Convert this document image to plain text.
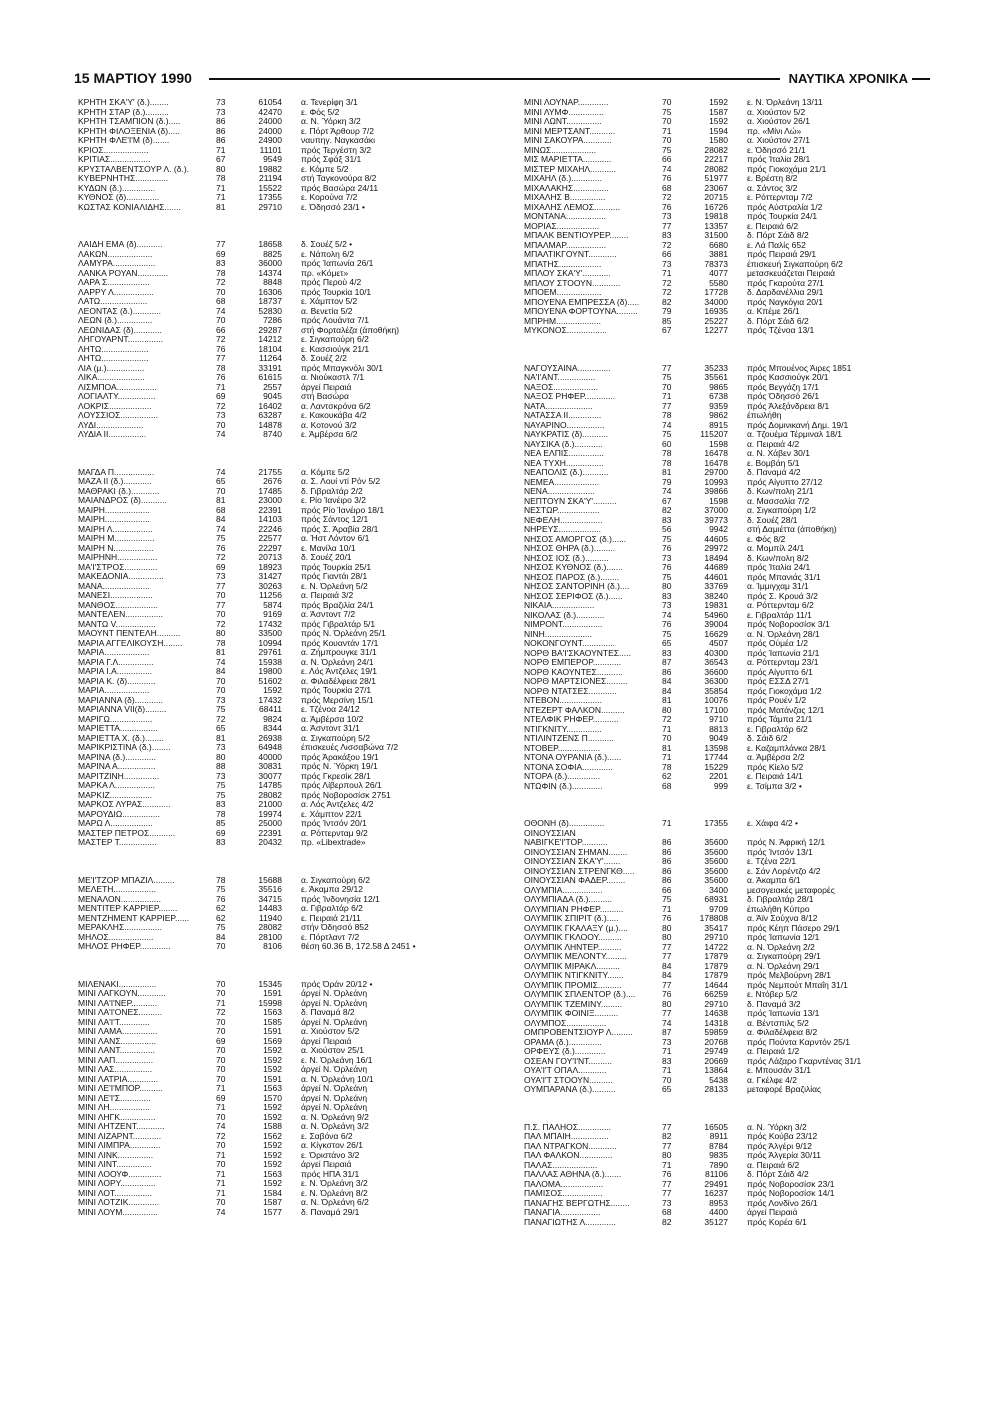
15 ΜΑΡΤΙΟΥ 1990	ΝΑΥΤΙΚΑ ΧΡΟΝΙΚΑ
ΚΡΗΤΗ ΣΚΑ'Υ' (δ.)........	73	61054 α. Τενερίφη 3/1
ΚΡΗΤΗ ΣΤΑΡ (δ.)..........	73	42470 ε. Φός 5/2
ΚΡΗΤΗ ΤΣΑΜΠΙΟΝ (δ.).....	86	24000 α. Ν. Ύόρκη 3/2
ΚΡΗΤΗ ΦΙΛΟΞΕΝΙΑ (δ).....	86	24000 ε. Πόρτ Άρθουρ 7/2
ΚΡΗΤΗ ΦΛΕ'Ι'Μ (δ).......	86	24900 ναυπηγ. Ναγκασάκι
ΚΡΙΟΣ...................	71	11101 πρός Τεργέστη 3/2
ΚΡΙΤΙΑΣ.................	67	9549 πρός Σφάξ 31/1
ΚΡΥΣΤΑΛΒΕΝΤΣΟΥΡ Λ. (δ.).	80	19882 ε. Κόμπε 5/2
ΚΥΒΕΡΝΗΤΗΣ..............	78	21194 στή Ταγκονούρα 8/2
ΚΥΔΩΝ (δ.)..............	71	15522 πρός Βασώρα 24/11
ΚΥΘΝΟΣ (δ)..............	71	17355 ε. Κορούνα 7/2
ΚΩΣΤΑΣ ΚΟΝΙΑΛΙΔΗΣ.......	81	29710 ε. Όδησσό 23/1 •
ΛΑΙΔΗ ΕΜΑ (δ)...........	77	18658 δ. Σουέζ 5/2 •
ΛΑΚΩΝ...................	69	8825 ε. Νάπολη 6/2
ΛΑΜΥΡΑ..................	83	36000 πρός Ίαπωνία 26/1
ΛΑΝΚΑ ΡΟΥΑΝ.............	78	14374 πρ. «Κόμετ»
ΛΑΡΑ Σ..................	72	8848 πρός Περού 4/2
ΛΑΡΡΥ Λ.................	70	16306 πρός Τουρκία 10/1
ΛΑΤΩ....................	68	18737 ε. Χάμπτον 5/2
ΛΕΟΝΤΑΣ (δ.)............	74	52830 α. Βενετία 5/2
ΛΕΩΝ (δ.)...............	70	7286 πρός Λουάντα 7/1
ΛΕΩΝΙΔΑΣ (δ)............	66	29287 στή Φορταλέζα (άποθήκη)
ΛΗΓΟΥΑΡΝΤ...............	72	14212 ε. Σιγκαπούρη 6/2
ΛΗΤΩ....................	76	18104 ε. Κασσιούγκ 21/1
ΛΗΤΩ....................	77	11264 δ. Σουέζ 2/2
ΛΙΑ (μ.)................	78	33191 πρός Μπαγκνόλι 30/1
ΛΙΚΑ....................	76	61615 α. Νιούκαστλ 7/1
ΛΙΣΜΠΟΑ.................	71	2557 άργεί Πειραιά
ΛΟΓΙΑΛΤΥ................	69	9045 στή Βασώρα
ΛΟΚΡΙΣ..................	72	16402 α. Λαντσκρόνα 6/2
ΛΟΥΣΣΙΟΣ................	73	63287 ε. Κακουκάβα 4/2
ΛΥΔΙ....................	70	14878 α. Κοτονού 3/2
ΛΥΔΙΑ ΙΙ................	74	8740 ε. Άμβέρσα 6/2
ΜΑΓΔΑ Π.................	74	21755 α. Κόμπε 5/2
ΜΑΖΑ ΙΙ (δ.)............	65	2676 α. Σ. Λουί ντί Ρόν 5/2
ΜΑΘΡΑΚΙ (δ.)............	70	17485 δ. Γιβραλτάρ 2/2
ΜΑΙΑΝΔΡΟΣ (δ)...........	81	23000 ε. Ρίο Ίανέιρο 3/2
ΜΑΙΡΗ...................	68	22391 πρός Ρίο Ίανέιρο 18/1
ΜΑΙΡΗ...................	84	14103 πρός Σάντος 12/1
ΜΑΙΡΗ Λ.................	74	22246 πρός Σ. Άραβία 28/1
ΜΑΙΡΗ Μ.................	75	22577 α. Ήστ Λόντον 6/1
ΜΑΙΡΗ Ν.................	76	22297 ε. Μανίλα 10/1
ΜΑΙΡΗΝΗ.................	72	20713 δ. Σουέζ 20/1
ΜΑ'Ι'ΣΤΡΟΣ..............	69	18923 πρός Τουρκία 25/1
ΜΑΚΕΔΟΝΙΑ...............	73	31427 πρός Γιαντάι 28/1
ΜΑΝΑ....................	77	30263 ε. Ν. Όρλεάνη 5/2
ΜΑΝΕΣΙ..................	70	11256 α. Πειραιά 3/2
ΜΑΝΘΟΣ..................	77	5874 πρός Βραζιλία 24/1
ΜΑΝΤΕΛΕΝ................	70	9169 α. Άσντοντ 7/2
ΜΑΝΤΩ V.................	72	17432 πρός Γιβραλτάρ 5/1
ΜΑΟΥΝΤ ΠΕΝΤΕΛΗ..........	80	33500 πρός Ν. Όρλεάνη 25/1
ΜΑΡΙΑ ΑΓΓΕΛΙΚΟΥΣΗ........	78	10994 πρός Κουαντάν 17/1
ΜΑΡΙΑ...................	81	29761 α. Ζήμπρουγκε 31/1
ΜΑΡΙΑ Γ.Λ...............	74	15938 α. Ν. Όρλεάνη 24/1
ΜΑΡΙΑ Ι.Α...............	84	19800 ε. Λός Άντζελες 19/1
ΜΑΡΙΑ Κ. (δ)............	70	51602 α. Φιλαδέλφεια 28/1
ΜΑΡΙΑ...................	70	1592 πρός Τουρκία 27/1
ΜΑΡΙΑΝΝΑ (δ)............	73	17432 πρός Μερσίνη 15/1
ΜΑΡΙΑΝΝΑ VII(δ).........	75	68411 ε. Τζένοα 24/12
ΜΑΡΙΓΩ..................	72	9824 α. Άμβέρσα 10/2
ΜΑΡΙΕΤΤΑ................	65	8344 α. Άσντοντ 31/1
ΜΑΡΙΕΤΤΑ Χ. (δ.)........	81	26938 α. Σιγκαπούρη 5/2
ΜΑΡΙΚΡΙΣΤΙΝΑ (δ.)........	73	64948 έπισκευές Λισσαβώνα 7/2
ΜΑΡΙΝΑ (δ.).............	80	40000 πρός Άρακάξου 19/1
ΜΑΡΙΝΑ Α................	88	30831 πρός Ν. Ύόρκη 19/1
ΜΑΡΙΤΖΙΝΗ...............	73	30077 πρός Γκρεσίκ 28/1
ΜΑΡΚΑ Λ.................	75	14785 πρός Λίβερπουλ 26/1
ΜΑΡΚΙΖ..................	75	28082 πρός Νοβοροσίσκ 2751
ΜΑΡΚΟΣ ΛΥΡΑΣ............	83	21000 α. Λός Άντζελες 4/2
ΜΑΡΟΥΔΙΩ................	78	19974 ε. Χάμπτον 22/1
ΜΑΡΩ Λ..................	85	25000 πρός Ίντσόν 20/1
ΜΑΣΤΕΡ ΠΕΤΡΟΣ...........	69	22391 α. Ρόττερνταμ 9/2
ΜΑΣΤΕΡ Τ................	83	20432 πρ. «Libextrade»
ΜΕ'Ι'ΤΖΟΡ ΜΠΑΖΙΛ.........	78	15688 α. Σιγκαπούρη 6/2
ΜΕΛΕΤΗ..................	75	35516 ε. Άκαμπα 29/12
ΜΕΝΑΛΟΝ.................	76	34715 πρός Ίνδονησία 12/1
ΜΕΝΤΙΤΕΡ ΚΑΡΡΙΕΡ........	62	14483 α. Γιβραλτάρ 6/2
ΜΕΝΤΖΗΜΕΝΤ ΚΑΡΡΙΕΡ......	62	11940 ε. Πειραιά 21/11
ΜΕΡΑΚΛΗΣ................	75	28082 στήν Όδησσό 852
ΜΗΛΟΣ...................	84	28100 ε. Πόρτλαντ 7/2
ΜΗΛΟΣ ΡΗΦΕΡ.............	70	8106 θέση 60.36 Β, 172.58 Δ 2451 •
ΜΙΛΕΝΑΚΙ................	70	15345 πρός Όράν 20/12 •
ΜΙΝΙ ΛΑΓΚΟΥΝ............	70	1591 άργεί Ν. Όρλεάνη
ΜΙΝΙ ΛΑ'Ι'ΝΕΡ...........	71	15998 άργεί Ν. Όρλεάνη
ΜΙΝΙ ΛΑ'Ι'ΟΝΕΣ..........	72	1563 δ. Παναμά 8/2
ΜΙΝΙ ΛΑ'Ι'Τ.............	70	1585 άργεί Ν. Όρλεάνη
ΜΙΝΙ ΛΑΜΑ...............	70	1591 α. Χιούστον 5/2
ΜΙΝΙ ΛΑΝΣ...............	69	1569 άργεί Πειραιά
ΜΙΝΙ ΛΑΝΤ...............	70	1592 α. Χιούστον 25/1
ΜΙΝΙ ΛΑΠ................	70	1592 ε. Ν. Όρλεάνη 16/1
ΜΙΝΙ ΛΑΣ................	70	1592 άργεί Ν. Όρλεάνη
ΜΙΝΙ ΛΑΤΡΙΑ.............	70	1591 α. Ν. Όρλεάνη 10/1
ΜΙΝΙ ΛΕ'Ι'ΜΠΟΡ..........	71	1563 άργεί Ν. Όρλεάνη
ΜΙΝΙ ΛΕ'Ι'Σ.............	69	1570 άργεί Ν. Όρλεάνη
ΜΙΝΙ ΛΗ.................	71	1592 άργεί Ν. Όρλεάνη
ΜΙΝΙ ΛΗΓΚ...............	70	1592 α. Ν. Όρλεάνη 9/2
ΜΙΝΙ ΛΗΤΖΕΝΤ............	74	1588 α. Ν. Όρλεάνη 3/2
ΜΙΝΙ ΛΙΖΑΡΝΤ............	72	1562 ε. Σαβόνα 6/2
ΜΙΝΙ ΛΙΜΠΡΑ.............	70	1592 α. Κίγκστον 26/1
ΜΙΝΙ ΛΙΝΚ...............	71	1592 ε. Όριστάνο 3/2
ΜΙΝΙ ΛΙΝΤ...............	70	1592 άργεί Πειραιά
ΜΙΝΙ ΛΟΟΥΦ..............	71	1563 πρός ΗΠΑ 31/1
ΜΙΝΙ ΛΟΡΥ...............	71	1592 ε. Ν. Όρλεάνη 3/2
ΜΙΝΙ ΛΟΤ................	71	1584 ε. Ν. Όρλεάνη 8/2
ΜΙΝΙ ΛΟΤΖΙΚ.............	70	1587 α. Ν. Όρλεάνη 6/2
ΜΙΝΙ ΛΟΥΜ...............	74	1577 δ. Παναμά 29/1
ΜΙΝΙ ΛΟΥΝΑΡ.............	70	1592 ε. Ν. Όρλεάνη 13/11
ΜΙΝΙ ΛΥΜΦ...............	75	1587 α. Χιούστον 5/2
ΜΙΝΙ ΛΩΝΤ...............	70	1592 α. Χιούστον 26/1
ΜΙΝΙ ΜΕΡΤΣΑΝΤ...........	71	1594 πρ. «Μίνι Λώ»
ΜΙΝΙ ΣΑΚΟΥΡΑ............	70	1580 α. Χιούστον 27/1
ΜΙΝΩΣ...................	75	28082 ε. Όδησσό 21/1
ΜΙΣ ΜΑΡΙΕΤΤΑ............	66	22217 πρός Ίταλία 28/1
ΜΙΣΤΕΡ ΜΙΧΑΗΛ...........	74	28082 πρός Γιοκοχάμα 21/1
ΜΙΧΑΗΛ (δ.).............	76	51977 ε. Βρέστη 8/2
ΜΙΧΑΛΑΚΗΣ...............	68	23067 α. Σάντος 3/2
ΜΙΧΑΛΗΣ Β...............	72	20715 ε. Ρόττερνταμ 7/2
ΜΙΧΑΛΗΣ ΛΕΜΟΣ...........	76	16726 πρός Αύστραλία 1/2
ΜΟΝΤΑΝΑ.................	73	19818 πρός Τουρκία 24/1
ΜΟΡΙΑΣ..................	77	13357 ε. Πειραιά 6/2
ΜΠΑΛΚ ΒΕΝΤΙΟΥΡΕΡ........	83	31500 δ. Πόρτ Σάιδ 8/2
ΜΠΑΛΜΑΡ.................	72	6680 ε. Λά Παλίς 652
ΜΠΑΛΤΙΚΓΟΥΝΤ............	66	3881 πρός Πειραιά 29/1
ΜΠΑΤΗΣ..................	73	78373 έπισκευή Σιγκαπούρη 6/2
ΜΠΛΟΥ ΣΚΑ'Υ'............	71	4077 μετασκευάζεται Πειραιά
ΜΠΛΟΥ ΣΤΟΟΥΝ............	72	5580 πρός Γκαρούτα 27/1
ΜΠΟΕΜ...................	72	17728 δ. Δαρδανέλλια 29/1
ΜΠΟΥΕΝΑ ΕΜΠΡΕΣΣΑ (δ).....	82	34000 πρός Ναγκόγια 20/1
ΜΠΟΥΕΝΑ ΦΟΡΤΟΥΝΑ.........	79	16935 α. Κπέμε 26/1
ΜΠΡΗΜ...................	85	25227 δ. Πόρτ Σάιδ 6/2
ΜΥΚΟΝΟΣ.................	67	12277 πρός Τζένοα 13/1
ΝΑΓΟΥΣΑΙΝΑ..............	77	35233 πρός Μπουένος Άιρες 1851
ΝΑ'Ι'ΑΝΤ................	75	35561 πρός Κασσιούγκ 20/1
ΝΑΞΟΣ...................	70	9865 πρός Βεγγάζη 17/1
ΝΑΞΟΣ ΡΗΦΕΡ.............	71	6738 πρός Όδησσό 26/1
ΝΑΤΑ....................	77	9359 πρός Άλεξάνδρεια 8/1
ΝΑΤΑΣΣΑ ΙΙ..............	78	9862 έπωλήθη
ΝΑΥΑΡΙΝΟ................	74	8915 πρός Δομινικανή Δημ. 19/1
ΝΑΥΚΡΑΤΙΣ (δ)...........	75	115207 α. Τζουέμα Τέρμιναλ 18/1
ΝΑΥΣΙΚΑ (δ.)............	60	1598 α. Πειραιά 4/2
ΝΕΑ ΕΛΠΙΣ...............	78	16478 α. Ν. Χάβεν 30/1
ΝΕΑ ΤΥΧΗ................	78	16478 ε. Βομβάη 5/1
ΝΕΑΠΟΛΙΣ (δ.)...........	81	29700 δ. Παναμά 4/2
ΝΕΜΕΑ...................	79	10993 πρός Αίγυπτο 27/12
ΝΕΝΑ....................	74	39866 δ. Κων/πολη 21/1
ΝΕΠΤΟΥΝ ΣΚΑ'Υ'..........	67	1598 α. Μασσαλία 7/2
ΝΕΣΤΩΡ..................	82	37000 α. Σιγκαπούρη 1/2
ΝΕΦΕΛΗ..................	83	39773 δ. Σουέζ 28/1
ΝΗΡΕΥΣ..................	56	9942 στή Δαμιέττα (άποθήκη)
ΝΗΣΟΣ ΑΜΟΡΓΟΣ (δ.)......	75	44605 ε. Φός 8/2
ΝΗΣΟΣ ΘΗΡΑ (δ.).........	76	29972 α. Μομπίλ 24/1
ΝΗΣΟΣ ΙΟΣ (δ.)..........	73	18494 δ. Κων/πολη 8/2
ΝΗΣΟΣ ΚΥΘΝΟΣ (δ.).......	76	44689 πρός Ίταλία 24/1
ΝΗΣΟΣ ΠΑΡΟΣ (δ.)........	75	44601 πρός Μπανιάς 31/1
ΝΗΣΟΣ ΣΑΝΤΟΡΙΝΗ (δ.)....	80	33769 α. Ίμμιγχαμ 31/1
ΝΗΣΟΣ ΣΕΡΙΦΟΣ (δ.)......	83	38240 πρός Σ. Κρουά 3/2
ΝΙΚΑΙΑ..................	73	19831 α. Ρόττερνταμ 6/2
ΝΙΚΟΛΑΣ (δ.)............	74	54960 ε. Γιβραλτάρ 11/1
ΝΙΜΡΟΝΤ.................	76	39004 πρός Νοβοροσίσκ 3/1
ΝΙΝΗ....................	75	16629 α. Ν. Όρλεάνη 28/1
ΝΟΚΟΝΓΟΥΝΤ..............	65	4507 πρός Ούμέα 1/2
ΝΟΡΘ ΒΑ'Ι'ΣΚΑΟΥΝΤΕΣ.....	83	40300 πρός Ίαπωνία 21/1
ΝΟΡΘ ΕΜΠΕΡΟΡ............	87	36543 α. Ρόττερνταμ 23/1
ΝΟΡΘ ΚΑΟΥΝΤΕΣ...........	86	36600 πρός Αίγυπτο 6/1
ΝΟΡΘ ΜΑΡΤΣΙΟΝΕΣ.........	84	36300 πρός ΕΣΣΔ 27/1
ΝΟΡΘ ΝΤΑΤΣΕΣ............	84	35854 πρός Γιοκοχάμα 1/2
ΝΤΕΒΟΝ..................	81	10076 πρός Ρουέν 1/2
ΝΤΕΖΕΡΤ ΦΑΛΚΟΝ..........	80	17100 πρός Ματάνζας 12/1
ΝΤΕΛΦΙΚ ΡΗΦΕΡ...........	72	9710 πρός Τάμπα 21/1
ΝΤΙΓΚΝΙΤΥ...............	71	8813 ε. Γιβραλτάρ 6/2
ΝΤΙΛΙΝΤΖΕΝΣ Π...........	70	9049 δ. Σάιδ 6/2
ΝΤΟΒΕΡ..................	81	13598 ε. Καζαμπλάνκα 28/1
ΝΤΟΝΑ ΟΥΡΑΝΙΑ (δ.)......	71	17744 α. Άμβέρσα 2/2
ΝΤΟΝΑ ΣΟΦΙΑ.............	78	15229 πρός Κίελο 5/2
ΝΤΟΡΑ (δ.)..............	62	2201 ε. Πειραιά 14/1
ΝΤΩΦΙΝ (δ.).............	68	999 ε. Τσίμπα 3/2 •
ΟΘΟΝΗ (δ)...............	71	17355 ε. Χάιφα 4/2 •
ΟΙΝΟΥΣΣΙΑΝ
ΝΑΒΙΓΚΕ'Ι'ΤΟΡ...........	86	35600 πρός Ν. Άφρική 12/1
ΟΙΝΟΥΣΣΙΑΝ ΣΗΜΑΝ........	86	35600 πρός Ίντσόν 13/1
ΟΙΝΟΥΣΣΙΑΝ ΣΚΑ'Υ'.......	86	35600 ε. Τζένα 22/1
ΟΙΝΟΥΣΣΙΑΝ ΣΤΡΕΝΓΚΘ.....	86	35600 ε. Σάν Λορέντζο 4/2
ΟΙΝΟΥΣΣΙΑΝ ΦΑΔΕΡ........	86	35600 α. Άκαμπα 6/1
ΟΛΥΜΠΙΑ.................	66	3400 μεσογειακές μεταφορές
ΟΛΥΜΠΙΑΔΑ (δ.)..........	75	68931 δ. Γιβραλτάρ 28/1
ΟΛΥΜΠΙΑΝ ΡΗΦΕΡ..........	71	9709 έπωλήθη Κύπρο
ΟΛΥΜΠΙΚ ΣΠΙΡΙΤ (δ.).....	76	178808 α. Άϊν Σούχνα 8/12
ΟΛΥΜΠΙΚ ΓΚΑΛΑΞΥ (μ.)....	80	35417 πρός Κέηπ Πάσερο 29/1
ΟΛΥΜΠΙΚ ΓΚΛΟΟΥ..........	80	29710 πρός Ίαπωνία 12/1
ΟΛΥΜΠΙΚ ΛΗΝΤΕΡ..........	77	14722 α. Ν. Όρλεάνη 2/2
ΟΛΥΜΠΙΚ ΜΕΛΟΝΤΥ.........	77	17879 α. Σιγκαπούρη 29/1
ΟΛΥΜΠΙΚ ΜΙΡΑΚΛ..........	84	17879 α. Ν. Όρλεάνη 29/1
ΟΛΥΜΠΙΚ ΝΤΙΓΚΝΙΤΥ.......	84	17879 πρός Μελβούρνη 28/1
ΟΛΥΜΠΙΚ ΠΡΟΜΙΣ..........	77	14644 πρός Νεμπούτ Μπαΐη 31/1
ΟΛΥΜΠΙΚ ΣΠΛΕΝΤΟΡ (δ.)....	76	66259 ε. Ντόβερ 5/2
ΟΛΥΜΠΙΚ ΤΖΕΜΙΝΥ.........	80	29710 δ. Παναμά 3/2
ΟΛΥΜΠΙΚ ΦΟΙΝΙΞ..........	77	14638 πρός Ίαπωνία 13/1
ΟΛΥΜΠΟΣ.................	74	14318 α. Βέντσπιλς 5/2
ΟΜΠΡΟΒΕΝΤΣΙΟΥΡ Λ.........	87	59859 α. Φιλαδέλφεια 8/2
ΟΡΑΜΑ (δ.)..............	73	20768 πρός Πούντα Καρντόν 25/1
ΟΡΦΕΥΣ (δ.).............	71	29749 α. Πειραιά 1/2
ΟΣΕΑΝ ΓΟΥ'Ι'ΝΤ..........	83	20669 πρός Λάζαρο Γκαρντένας 31/1
ΟΥΑ'Ι'Τ ΟΠΑΛ............	71	13864 ε. Μπουσάν 31/1
ΟΥΑ'Ι'Τ ΣΤΟΟΥΝ..........	70	5438 α. Γκέλφε 4/2
ΟΥΜΠΑΡΑΝΑ (δ.)..........	65	28133 μεταφορέ Βραζιλίας
Π.Σ. ΠΑΛΗΟΣ..............	77	16505 α. Ν. Ύόρκη 3/2
ΠΑΛ ΜΠΑΙΗ................	82	8911 πρός Κούβα 23/12
ΠΑΛ ΝΤΡΑΓΚΟΝ............	77	8784 πρός Άλγέρι 9/12
ΠΑΛ ΦΑΛΚΟΝ..............	80	9835 πρός Άλγερία 30/11
ΠΑΛΑΣ...................	71	7890 α. Πειραιά 6/2
ΠΑΛΛΑΣ ΑΘΗΝΑ (δ.).......	76	81106 δ. Πόρτ Σάιδ 4/2
ΠΑΛΟΜΑ..................	77	29491 πρός Νοβοροσίσκ 23/1
ΠΑΜΙΣΟΣ.................	77	16237 πρός Νοβοροσίσκ 14/1
ΠΑΝΑΓΗΣ ΒΕΡΓΩΤΗΣ........	73	8953 πρός Λονδίνο 26/1
ΠΑΝΑΓΙΑ.................	68	4400 άργεί Πειραιά
ΠΑΝΑΓΙΩΤΗΣ Λ.............	82	35127 πρός Κορέα 6/1
